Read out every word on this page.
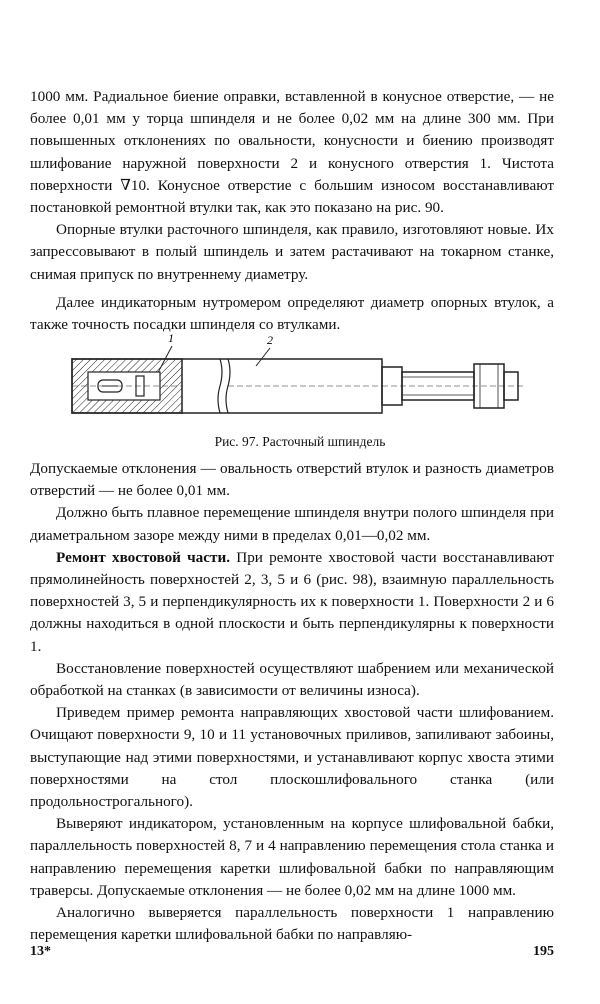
1000 мм. Радиальное биение оправки, вставленной в конусное отверстие, — не более 0,01 мм у торца шпинделя и не более 0,02 мм на длине 300 мм. При повышенных отклонениях по овальности, конусности и биению производят шлифование наружной поверхности 2 и конусного отверстия 1. Чистота поверхности ∇10. Конусное отверстие с большим износом восстанавливают постановкой ремонтной втулки так, как это показано на рис. 90.

Опорные втулки расточного шпинделя, как правило, изготовляют новые. Их запрессовывают в полый шпиндель и затем растачивают на токарном станке, снимая припуск по внутреннему диаметру.

Далее индикаторным нутромером определяют диаметр опорных втулок, а также точность посадки шпинделя со втулками.

1	2
Рис. 97. Расточный шпиндель

Допускаемые отклонения — овальность отверстий втулок и разность диаметров отверстий — не более 0,01 мм.

Должно быть плавное перемещение шпинделя внутри полого шпинделя при диаметральном зазоре между ними в пределах 0,01—0,02 мм.

Ремонт хвостовой части. При ремонте хвостовой части восстанавливают прямолинейность поверхностей 2, 3, 5 и 6 (рис. 98), взаимную параллельность поверхностей 3, 5 и перпендикулярность их к поверхности 1. Поверхности 2 и 6 должны находиться в одной плоскости и быть перпендикулярны к поверхности 1.

Восстановление поверхностей осуществляют шабрением или механической обработкой на станках (в зависимости от величины износа).

Приведем пример ремонта направляющих хвостовой части шлифованием. Очищают поверхности 9, 10 и 11 установочных приливов, запиливают забоины, выступающие над этими поверхностями, и устанавливают корпус хвоста этими поверхностями на стол плоскошлифовального станка (или продольнострогального).

Выверяют индикатором, установленным на корпусе шлифовальной бабки, параллельность поверхностей 8, 7 и 4 направлению перемещения стола станка и направлению перемещения каретки шлифовальной бабки по направляющим траверсы. Допускаемые отклонения — не более 0,02 мм на длине 1000 мм.

Аналогично выверяется параллельность поверхности 1 направлению перемещения каретки шлифовальной бабки по направляю-

13*	195
